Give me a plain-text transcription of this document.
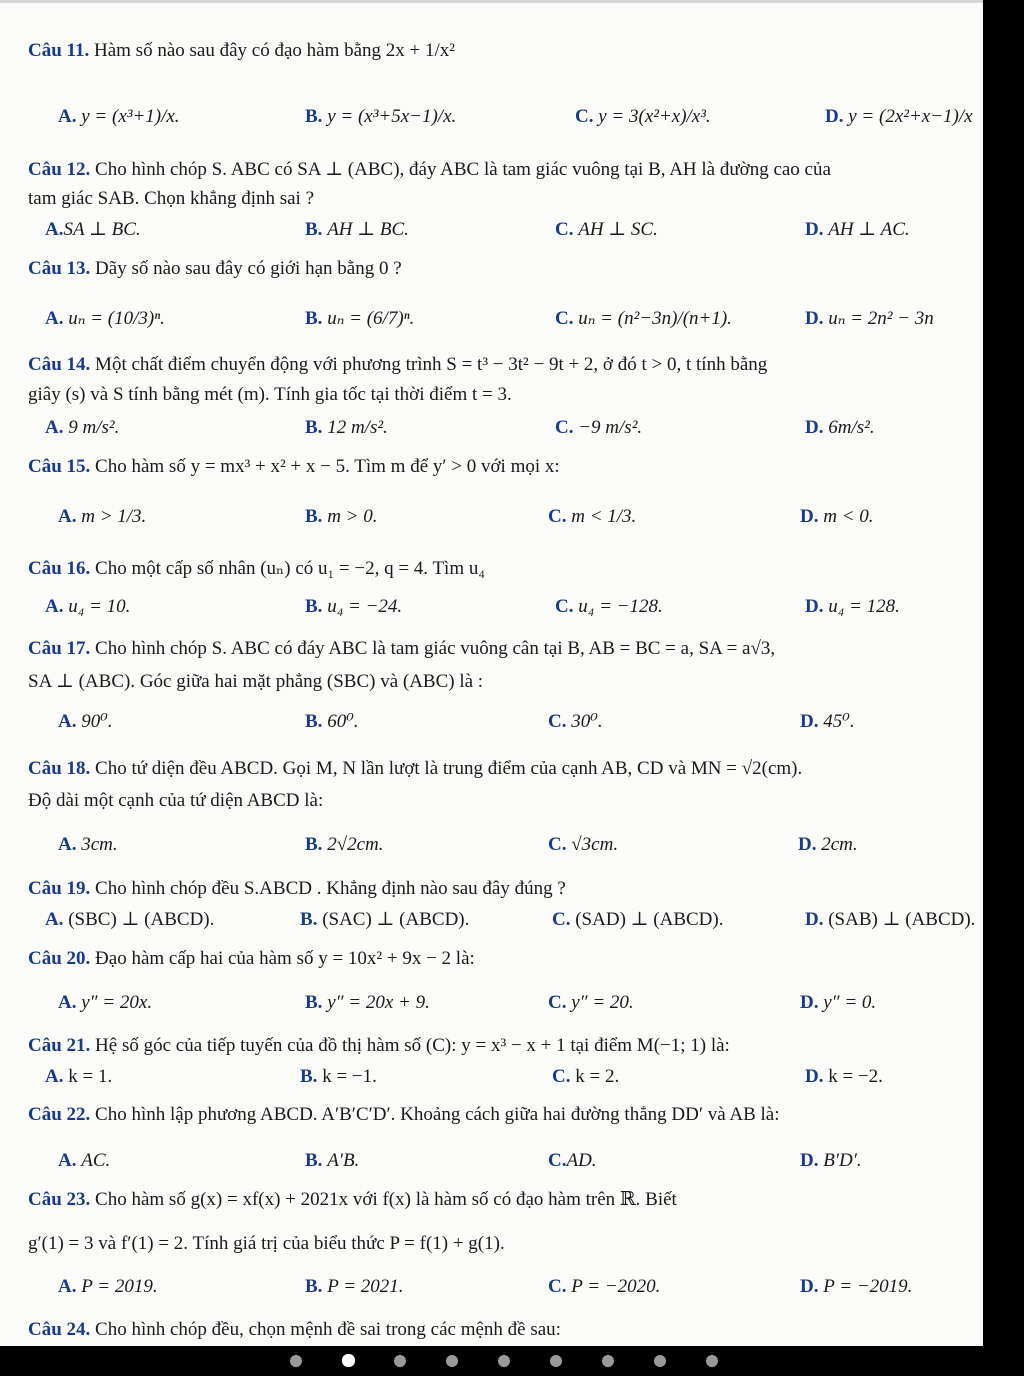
Câu 11. Hàm số nào sau đây có đạo hàm bằng 2x + 1/x²
A. y = (x³+1)/x.	B. y = (x³+5x−1)/x.	C. y = 3(x²+x)/x³.	D. y = (2x²+x−1)/x
Câu 12. Cho hình chóp S. ABC có SA ⊥ (ABC), đáy ABC là tam giác vuông tại B, AH là đường cao của
tam giác SAB. Chọn khẳng định sai ?
A.SA ⊥ BC.	B. AH ⊥ BC.	C. AH ⊥ SC.	D. AH ⊥ AC.
Câu 13. Dãy số nào sau đây có giới hạn bằng 0 ?
A. uₙ = (10/3)ⁿ.	B. uₙ = (6/7)ⁿ.	C. uₙ = (n²−3n)/(n+1).	D. uₙ = 2n² − 3n
Câu 14. Một chất điểm chuyển động với phương trình S = t³ − 3t² − 9t + 2, ở đó t > 0, t tính bằng
giây (s) và S tính bằng mét (m). Tính gia tốc tại thời điểm t = 3.
A. 9 m/s².	B. 12 m/s².	C. −9 m/s².	D. 6m/s².
Câu 15. Cho hàm số y = mx³ + x² + x − 5. Tìm m để y′ > 0 với mọi x:
A. m > 1/3.	B. m > 0.	C. m < 1/3.	D. m < 0.
Câu 16. Cho một cấp số nhân (uₙ) có u₁ = −2, q = 4. Tìm u₄
A. u₄ = 10.	B. u₄ = −24.	C. u₄ = −128.	D. u₄ = 128.
Câu 17. Cho hình chóp S. ABC có đáy ABC là tam giác vuông cân tại B, AB = BC = a, SA = a√3,
SA ⊥ (ABC). Góc giữa hai mặt phẳng (SBC) và (ABC) là :
A. 90⁰.	B. 60⁰.	C. 30⁰.	D. 45⁰.
Câu 18. Cho tứ diện đều ABCD. Gọi M, N lần lượt là trung điểm của cạnh AB, CD và MN = √2(cm).
Độ dài một cạnh của tứ diện ABCD là:
A. 3cm.	B. 2√2cm.	C. √3cm.	D. 2cm.
Câu 19. Cho hình chóp đều S.ABCD . Khẳng định nào sau đây đúng ?
A. (SBC) ⊥ (ABCD).	B. (SAC) ⊥ (ABCD).	C. (SAD) ⊥ (ABCD).	D. (SAB) ⊥ (ABCD).
Câu 20. Đạo hàm cấp hai của hàm số y = 10x² + 9x − 2 là:
A. y″ = 20x.	B. y″ = 20x + 9.	C. y″ = 20.	D. y″ = 0.
Câu 21. Hệ số góc của tiếp tuyến của đồ thị hàm số (C): y = x³ − x + 1 tại điểm M(−1; 1) là:
A. k = 1.	B. k = −1.	C. k = 2.	D. k = −2.
Câu 22. Cho hình lập phương ABCD. A′B′C′D′. Khoảng cách giữa hai đường thẳng DD′ và AB là:
A. AC.	B. A′B.	C.AD.	D. B′D′.
Câu 23. Cho hàm số g(x) = xf(x) + 2021x với f(x) là hàm số có đạo hàm trên ℝ. Biết
g′(1) = 3 và f′(1) = 2. Tính giá trị của biểu thức P = f(1) + g(1).
A. P = 2019.	B. P = 2021.	C. P = −2020.	D. P = −2019.
Câu 24. Cho hình chóp đều, chọn mệnh đề sai trong các mệnh đề sau:
